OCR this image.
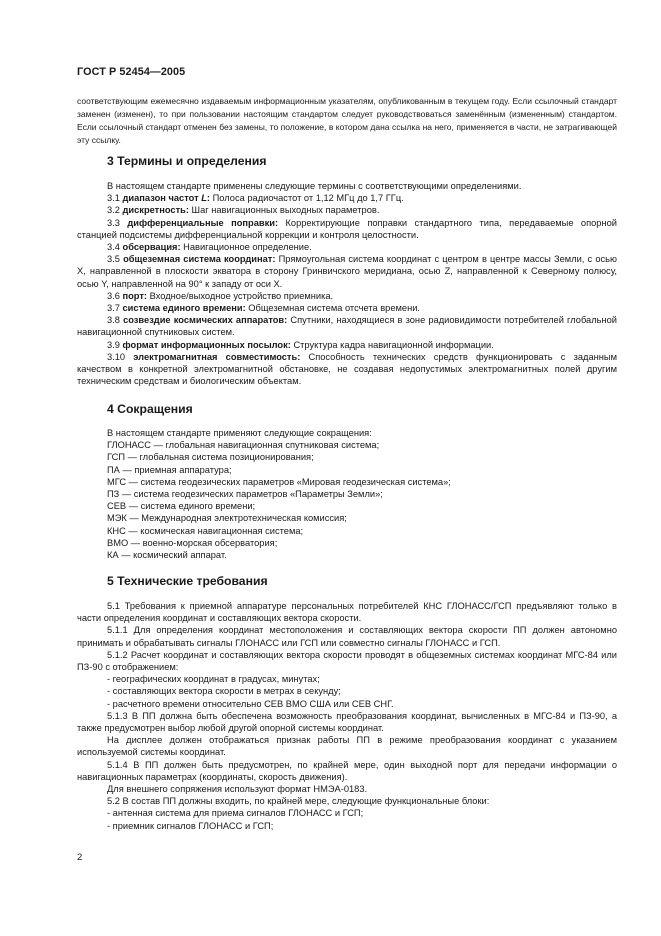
ГОСТ Р 52454—2005

соответствующим ежемесячно издаваемым информационным указателям, опубликованным в текущем году. Если ссылочный стандарт заменен (изменен), то при пользовании настоящим стандартом следует руководствоваться заменённым (измененным) стандартом. Если ссылочный стандарт отменен без замены, то положение, в котором дана ссылка на него, применяется в части, не затрагивающей эту ссылку.

3 Термины и определения

В настоящем стандарте применены следующие термины с соответствующими определениями.

3.1 диапазон частот L: Полоса радиочастот от 1,12 МГц до 1,7 ГГц.

3.2 дискретность: Шаг навигационных выходных параметров.

3.3 дифференциальные поправки: Корректирующие поправки стандартного типа, передаваемые опорной станцией подсистемы дифференциальной коррекции и контроля целостности.

3.4 обсервация: Навигационное определение.

3.5 общеземная система координат: Прямоугольная система координат с центром в центре массы Земли, с осью X, направленной в плоскости экватора в сторону Гринвичского меридиана, осью Z, направленной к Северному полюсу, осью Y, направленной на 90° к западу от оси X.

3.6 порт: Входное/выходное устройство приемника.

3.7 система единого времени: Общеземная система отсчета времени.

3.8 созвездие космических аппаратов: Спутники, находящиеся в зоне радиовидимости потребителей глобальной навигационной спутниковых систем.

3.9 формат информационных посылок: Структура кадра навигационной информации.

3.10 электромагнитная совместимость: Способность технических средств функционировать с заданным качеством в конкретной электромагнитной обстановке, не создавая недопустимых электромагнитных полей другим техническим средствам и биологическим объектам.

4 Сокращения

В настоящем стандарте применяют следующие сокращения:

ГЛОНАСС — глобальная навигационная спутниковая система;

ГСП — глобальная система позиционирования;

ПА — приемная аппаратура;

МГС — система геодезических параметров «Мировая геодезическая система»;

ПЗ — система геодезических параметров «Параметры Земли»;

СЕВ — система единого времени;

МЭК — Международная электротехническая комиссия;

КНС — космическая навигационная система;

ВМО — военно-морская обсерватория;

КА — космический аппарат.

5 Технические требования

5.1 Требования к приемной аппаратуре персональных потребителей КНС ГЛОНАСС/ГСП предъявляют только в части определения координат и составляющих вектора скорости.

5.1.1 Для определения координат местоположения и составляющих вектора скорости ПП должен автономно принимать и обрабатывать сигналы ГЛОНАСС или ГСП или совместно сигналы ГЛОНАСС и ГСП.

5.1.2 Расчет координат и составляющих вектора скорости проводят в общеземных системах координат МГС-84 или ПЗ-90 с отображением:

- географических координат в градусах, минутах;

- составляющих вектора скорости в метрах в секунду;

- расчетного времени относительно СЕВ ВМО США или СЕВ СНГ.

5.1.3 В ПП должна быть обеспечена возможность преобразования координат, вычисленных в МГС-84 и ПЗ-90, а также предусмотрен выбор любой другой опорной системы координат.

На дисплее должен отображаться признак работы ПП в режиме преобразования координат с указанием используемой системы координат.

5.1.4 В ПП должен быть предусмотрен, по крайней мере, один выходной порт для передачи информации о навигационных параметрах (координаты, скорость движения).

Для внешнего сопряжения используют формат НМЭА-0183.

5.2 В состав ПП должны входить, по крайней мере, следующие функциональные блоки:

- антенная система для приема сигналов ГЛОНАСС и ГСП;

- приемник сигналов ГЛОНАСС и ГСП;

2
